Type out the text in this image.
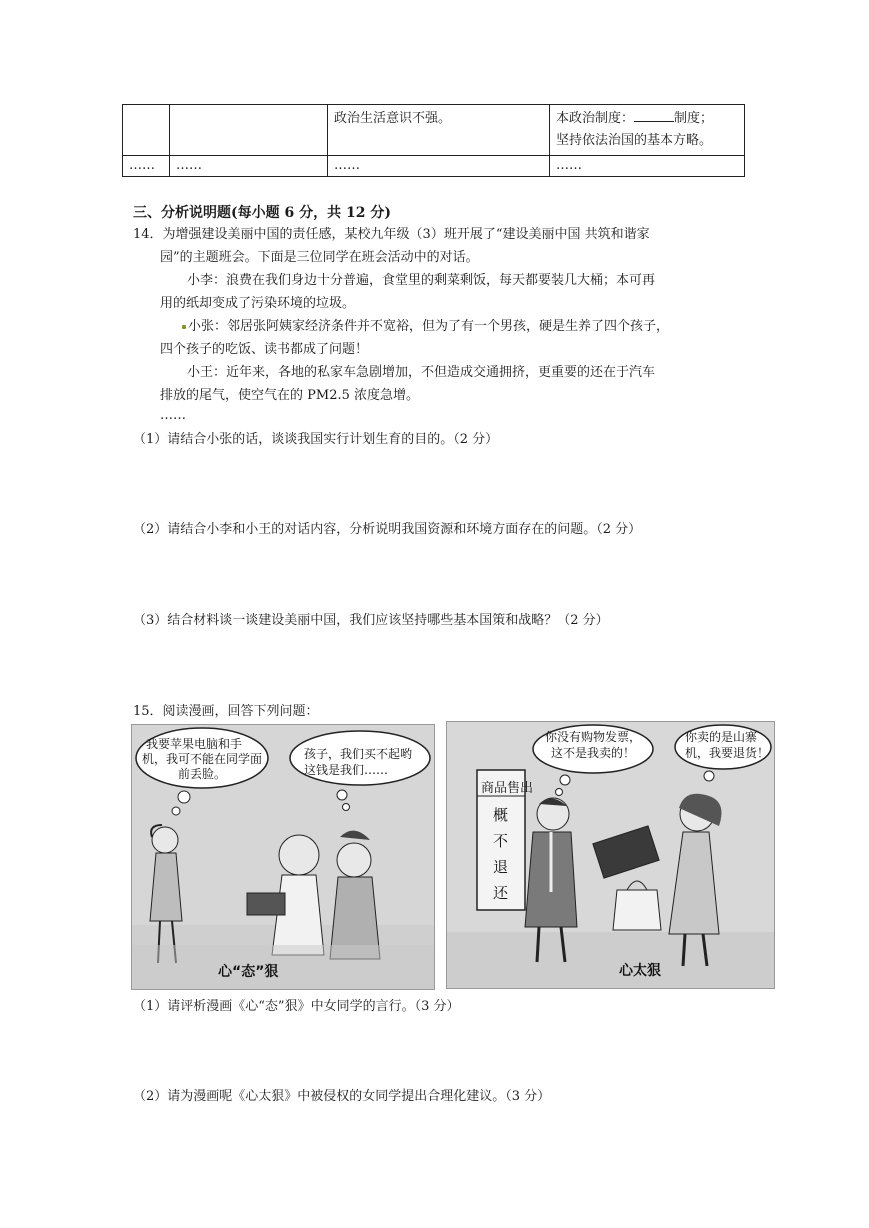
		政治生活意识不强。	本政治制度： 制度；
坚持依法治国的基本方略。
……	……	……	……
三、分析说明题(每小题 6 分，共 12 分)
14．为增强建设美丽中国的责任感，某校九年级（3）班开展了“建设美丽中国 共筑和谐家
园”的主题班会。下面是三位同学在班会活动中的对话。
小李：浪费在我们身边十分普遍，食堂里的剩菜剩饭，每天都要装几大桶；本可再
用的纸却变成了污染环境的垃圾。
小张：邻居张阿姨家经济条件并不宽裕，但为了有一个男孩，硬是生养了四个孩子，
四个孩子的吃饭、读书都成了问题！
小王：近年来，各地的私家车急剧增加，不但造成交通拥挤，更重要的还在于汽车
排放的尾气，使空气在的 PM2.5 浓度急增。
……
（1）请结合小张的话，谈谈我国实行计划生育的目的。（2 分）
（2）请结合小李和小王的对话内容，分析说明我国资源和环境方面存在的问题。（2 分）
（3）结合材料谈一谈建设美丽中国，我们应该坚持哪些基本国策和战略？（2 分）
15．阅读漫画，回答下列问题：
我要苹果电脑和手
机，我可不能在同学面
前丢脸。
孩子，我们买不起哟
这钱是我们……
心“态”狠
你没有购物发票，
这不是我卖的！
你卖的是山寨
机，我要退货！
商品售出
概
不
退
还
心太狠
（1）请评析漫画《心“态”狠》中女同学的言行。（3 分）
（2）请为漫画呢《心太狠》中被侵权的女同学提出合理化建议。（3 分）
